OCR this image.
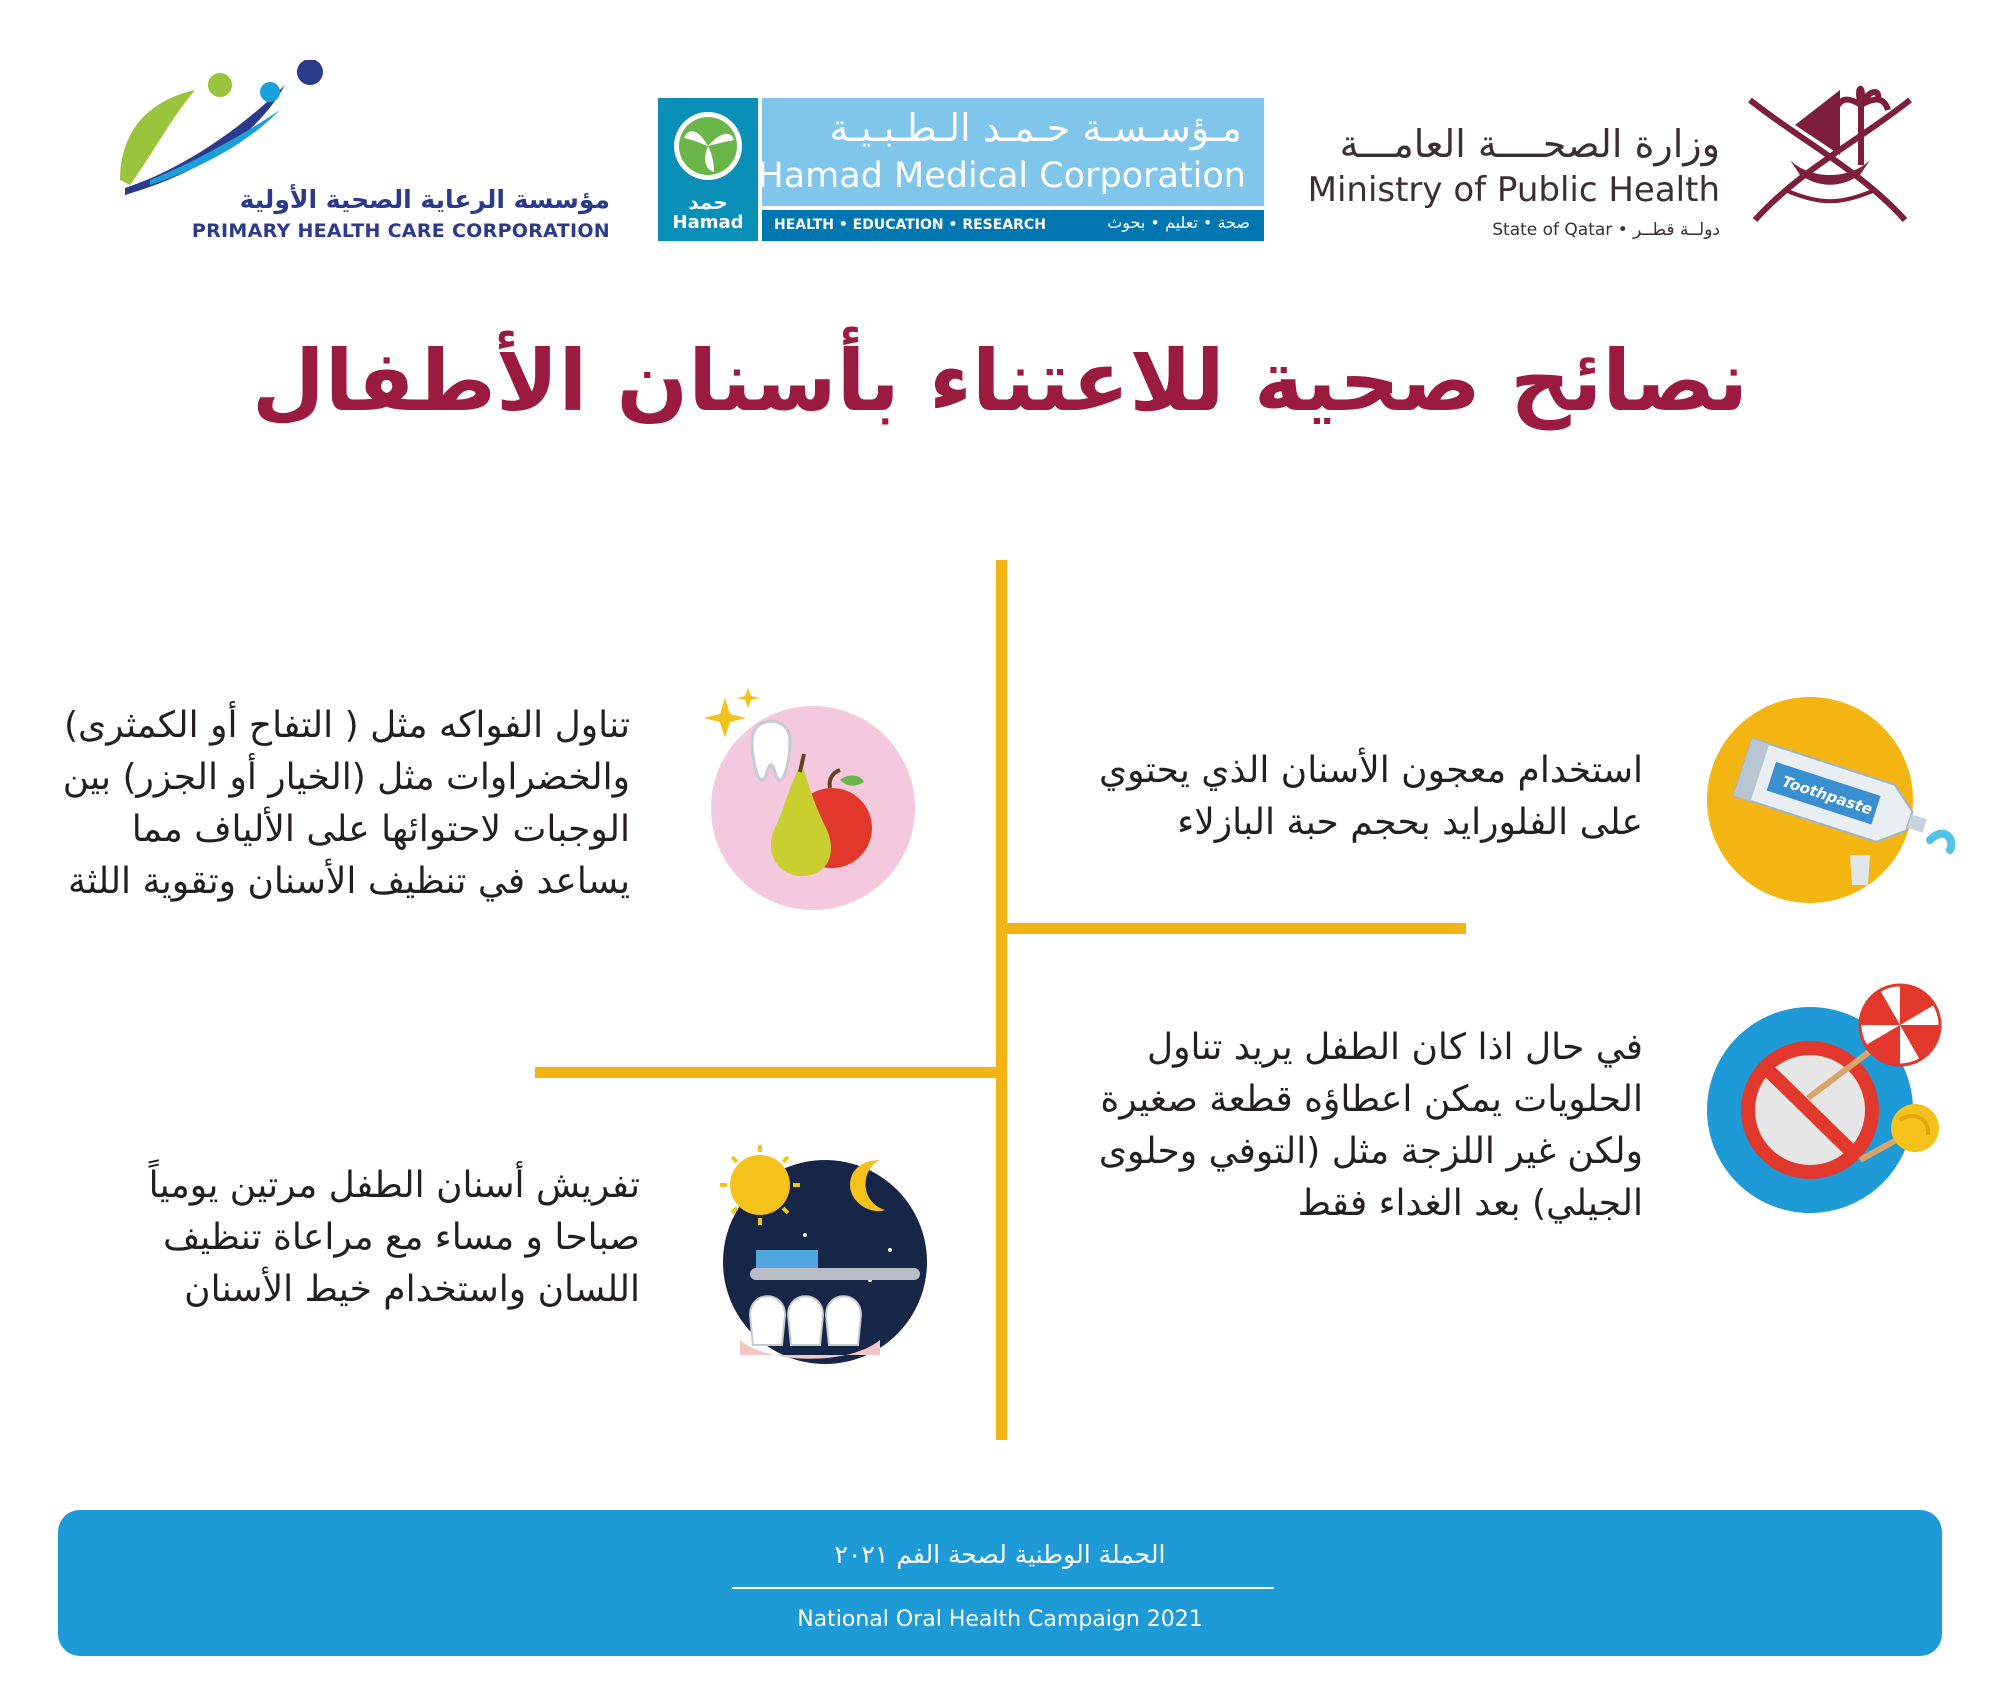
مؤسسة الرعاية الصحية الأولية
PRIMARY HEALTH CARE CORPORATION
حمد
Hamad
مـؤسـسـة حـمـد الـطـبـيـة
Hamad Medical Corporation
HEALTH • EDUCATION • RESEARCH	صحة • تعليم • بحوث
وزارة الصحــــة العامـــة
Ministry of Public Health
State of Qatar • دولــة قطــر
نصائح صحية للاعتناء بأسنان الأطفال
استخدام معجون الأسنان الذي يحتوي على الفلورايد بحجم حبة البازلاء
Toothpaste
في حال اذا كان الطفل يريد تناول الحلويات يمكن اعطاؤه قطعة صغيرة ولكن غير اللزجة مثل (التوفي وحلوى الجيلي) بعد الغداء فقط
تناول الفواكه مثل ( التفاح أو الكمثرى) والخضراوات مثل (الخيار أو الجزر) بين الوجبات لاحتوائها على الألياف مما يساعد في تنظيف الأسنان وتقوية اللثة
تفريش أسنان الطفل مرتين يومياً صباحا و مساء مع مراعاة تنظيف اللسان واستخدام خيط الأسنان
الحملة الوطنية لصحة الفم ٢٠٢١
National Oral Health Campaign 2021
